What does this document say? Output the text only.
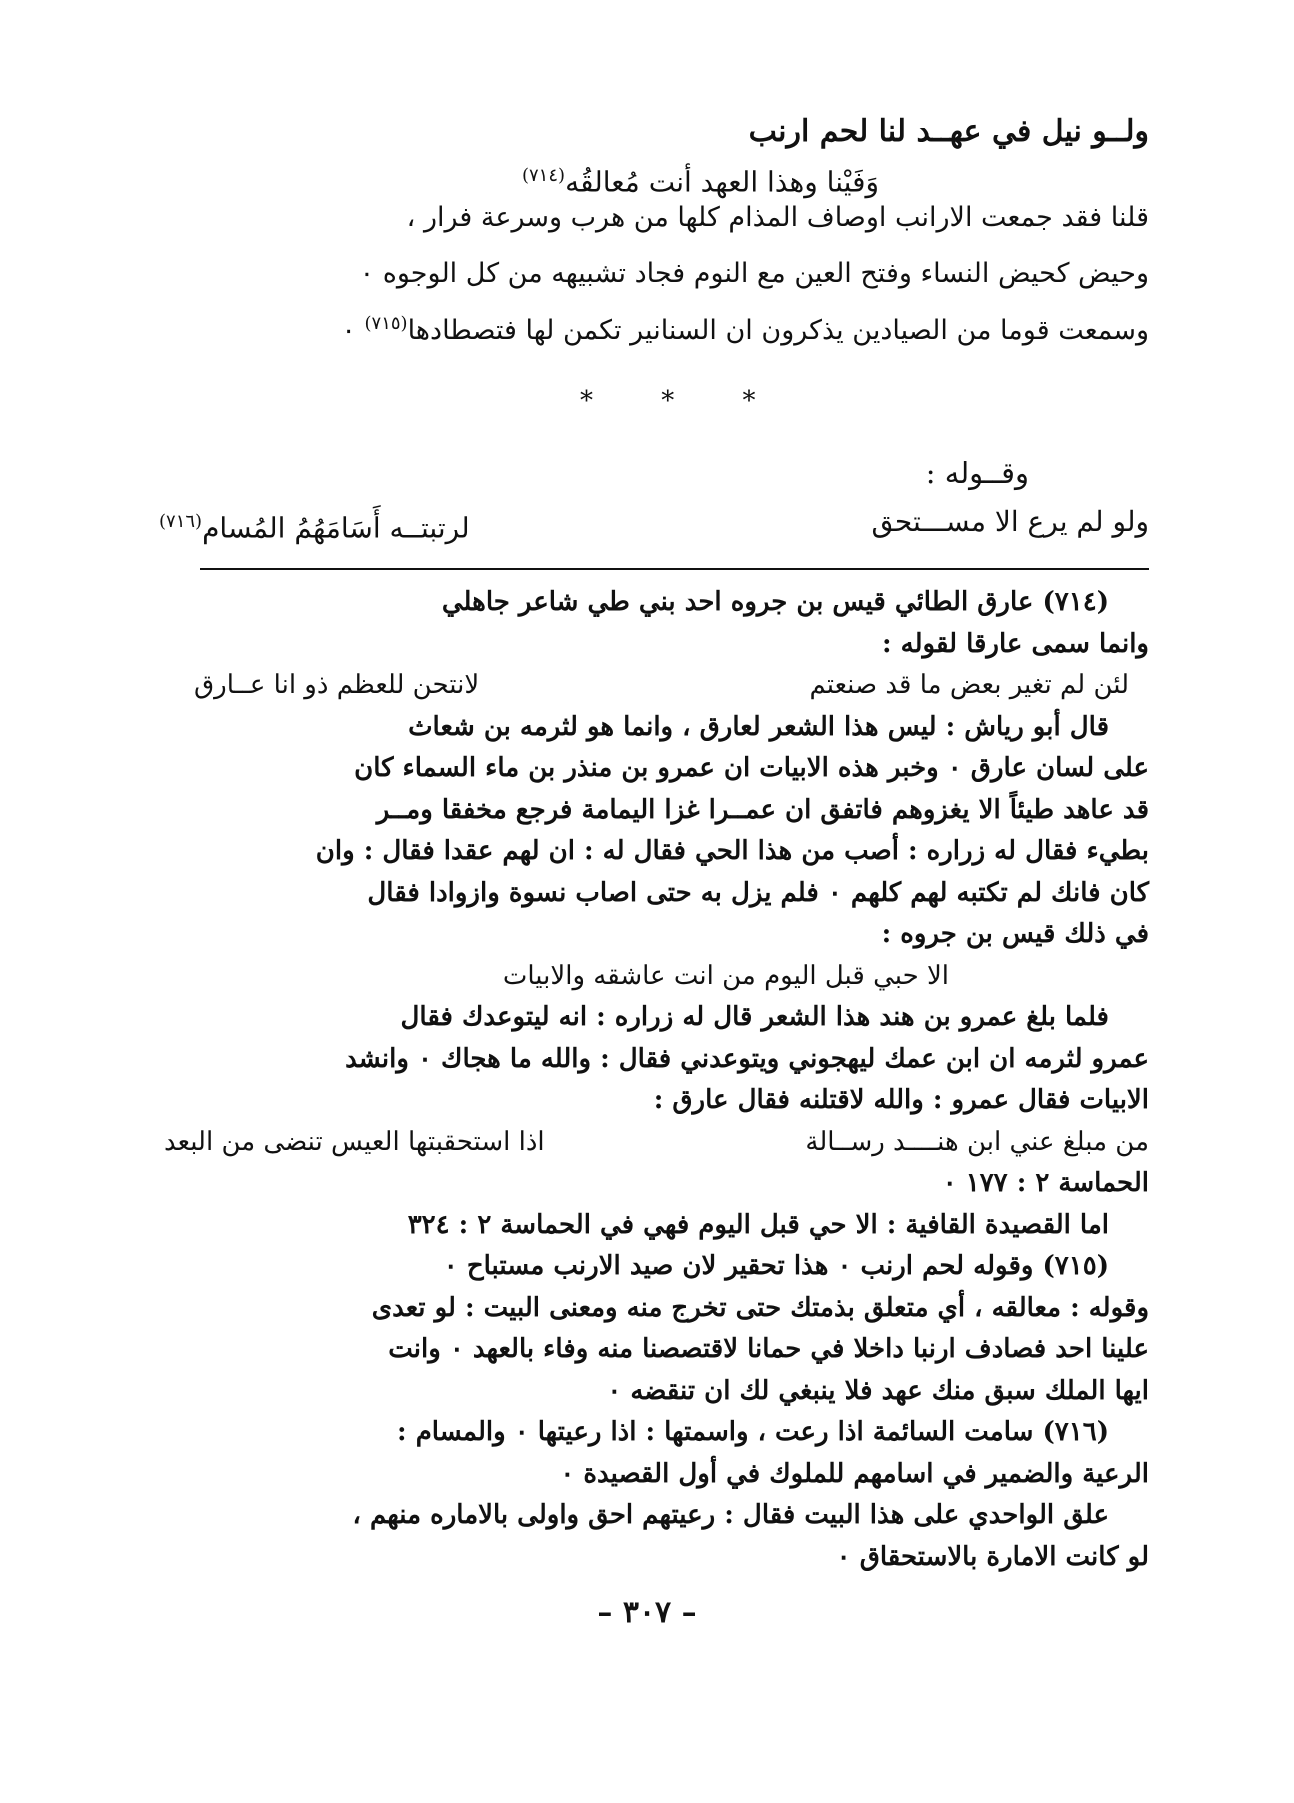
ولــو نيل في عهــد لنا لحم ارنب
وَفَيْنا وهذا العهد أنت مُعالقُه$^{(٧١٤)}$

قلنا فقد جمعت الارانب اوصاف المذام كلها من هرب وسرعة فرار ،

وحيض كحيض النساء وفتح العين مع النوم فجاد تشبيهه من كل الوجوه ٠

وسمعت قوما من الصيادين يذكرون ان السنانير تكمن لها فتصطادها$^{(٧١٥)}$ ٠

* * *
وقــوله :
ولو لم يرع الا مســـتحق
لرتبتــه أَسَامَهُمُ المُسام$^{(٧١٦)}$

(٧١٤) عارق الطائي قيس بن جروه احد بني طي شاعر جاهلي

وانما سمى عارقا لقوله :

لئن لم تغير بعض ما قد صنعتم
لانتحن للعظم ذو انا عــارق

قال أبو رياش : ليس هذا الشعر لعارق ، وانما هو لثرمه بن شعاث

على لسان عارق ٠ وخبر هذه الابيات ان عمرو بن منذر بن ماء السماء كان

قد عاهد طيئاً الا يغزوهم فاتفق ان عمــرا غزا اليمامة فرجع مخفقا ومــر

بطيء فقال له زراره : أصب من هذا الحي فقال له : ان لهم عقدا فقال : وان

كان فانك لم تكتبه لهم كلهم ٠ فلم يزل به حتى اصاب نسوة وازوادا فقال

في ذلك قيس بن جروه :

الا حبي قبل اليوم من انت عاشقه والابيات

فلما بلغ عمرو بن هند هذا الشعر قال له زراره : انه ليتوعدك فقال

عمرو لثرمه ان ابن عمك ليهجوني ويتوعدني فقال : والله ما هجاك ٠ وانشد

الابيات فقال عمرو : والله لاقتلنه فقال عارق :

من مبلغ عني ابن هنــــد رســالة
اذا استحقبتها العيس تنضى من البعد

الحماسة ٢ : ١٧٧ ٠

اما القصيدة القافية : الا حي قبل اليوم فهي في الحماسة ٢ : ٣٢٤

(٧١٥) وقوله لحم ارنب ٠ هذا تحقير لان صيد الارنب مستباح ٠

وقوله : معالقه ، أي متعلق بذمتك حتى تخرج منه ومعنى البيت : لو تعدى

علينا احد فصادف ارنبا داخلا في حمانا لاقتصصنا منه وفاء بالعهد ٠ وانت

ايها الملك سبق منك عهد فلا ينبغي لك ان تنقضه ٠

(٧١٦) سامت السائمة اذا رعت ، واسمتها : اذا رعيتها ٠ والمسام :

الرعية والضمير في اسامهم للملوك في أول القصيدة ٠

علق الواحدي على هذا البيت فقال : رعيتهم احق واولى بالاماره منهم ،

لو كانت الامارة بالاستحقاق ٠

– ٣٠٧ –
